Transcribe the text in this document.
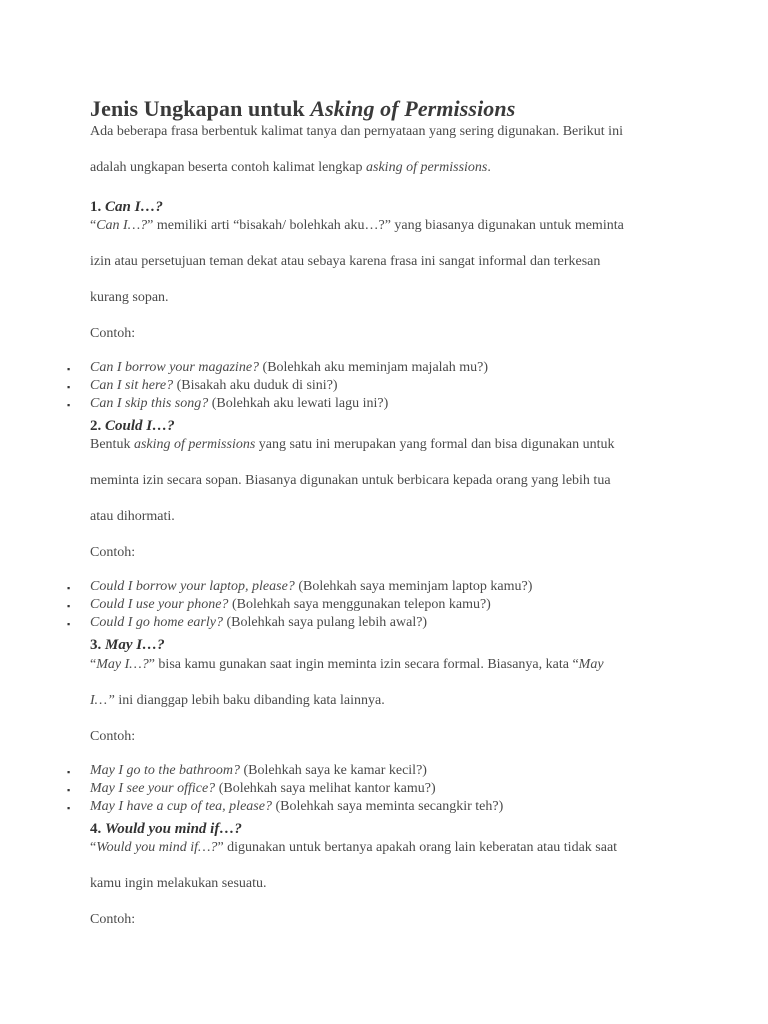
Jenis Ungkapan untuk Asking of Permissions
Ada beberapa frasa berbentuk kalimat tanya dan pernyataan yang sering digunakan. Berikut ini
adalah ungkapan beserta contoh kalimat lengkap asking of permissions.
1. Can I…?
“Can I…?” memiliki arti “bisakah/ bolehkah aku…?” yang biasanya digunakan untuk meminta
izin atau persetujuan teman dekat atau sebaya karena frasa ini sangat informal dan terkesan
kurang sopan.
Contoh:
▪ Can I borrow your magazine? (Bolehkah aku meminjam majalah mu?)
▪ Can I sit here? (Bisakah aku duduk di sini?)
▪ Can I skip this song? (Bolehkah aku lewati lagu ini?)
2. Could I…?
Bentuk asking of permissions yang satu ini merupakan yang formal dan bisa digunakan untuk
meminta izin secara sopan. Biasanya digunakan untuk berbicara kepada orang yang lebih tua
atau dihormati.
Contoh:
▪ Could I borrow your laptop, please? (Bolehkah saya meminjam laptop kamu?)
▪ Could I use your phone? (Bolehkah saya menggunakan telepon kamu?)
▪ Could I go home early? (Bolehkah saya pulang lebih awal?)
3. May I…?
“May I…?” bisa kamu gunakan saat ingin meminta izin secara formal. Biasanya, kata “May
I…” ini dianggap lebih baku dibanding kata lainnya.
Contoh:
▪ May I go to the bathroom? (Bolehkah saya ke kamar kecil?)
▪ May I see your office? (Bolehkah saya melihat kantor kamu?)
▪ May I have a cup of tea, please? (Bolehkah saya meminta secangkir teh?)
4. Would you mind if…?
“Would you mind if…?” digunakan untuk bertanya apakah orang lain keberatan atau tidak saat
kamu ingin melakukan sesuatu.
Contoh:
